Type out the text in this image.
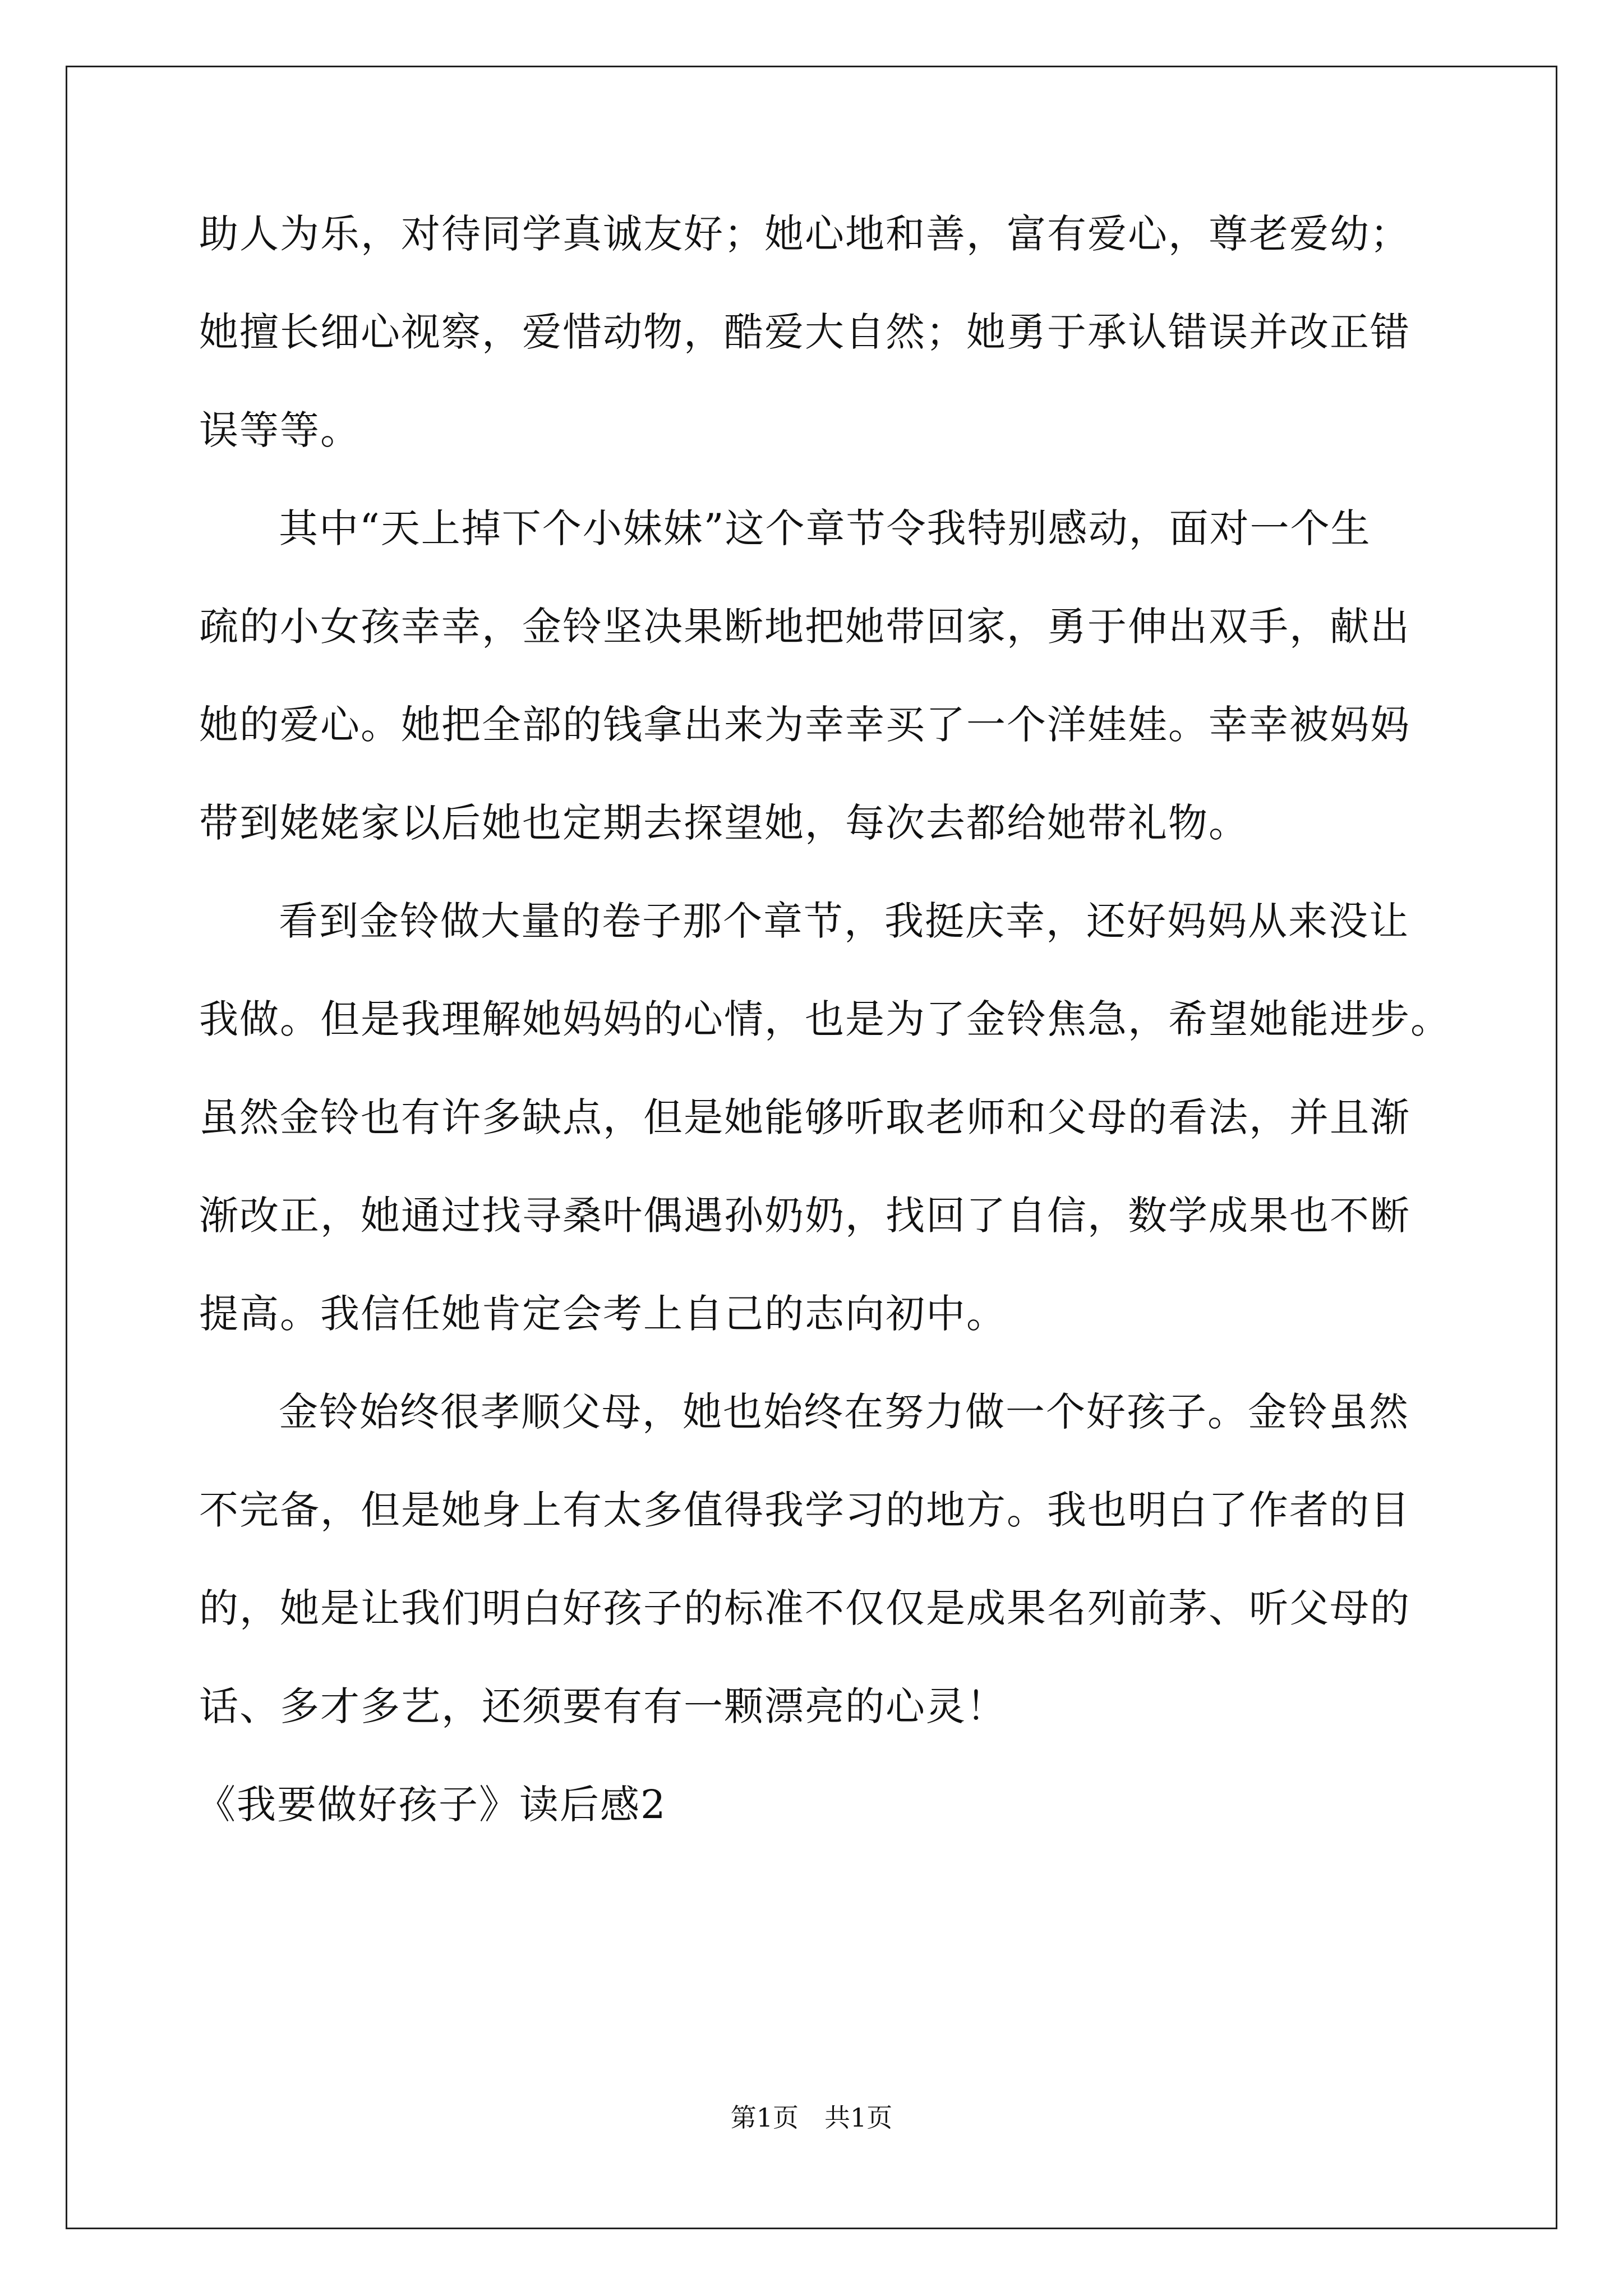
助人为乐，对待同学真诚友好；她心地和善，富有爱心，尊老爱幼；
她擅长细心视察，爱惜动物，酷爱大自然；她勇于承认错误并改正错
误等等。
其中“天上掉下个小妹妹”这个章节令我特别感动，面对一个生
疏的小女孩幸幸，金铃坚决果断地把她带回家，勇于伸出双手，献出
她的爱心。她把全部的钱拿出来为幸幸买了一个洋娃娃。幸幸被妈妈
带到姥姥家以后她也定期去探望她，每次去都给她带礼物。
看到金铃做大量的卷子那个章节，我挺庆幸，还好妈妈从来没让
我做。但是我理解她妈妈的心情，也是为了金铃焦急，希望她能进步。
虽然金铃也有许多缺点，但是她能够听取老师和父母的看法，并且渐
渐改正，她通过找寻桑叶偶遇孙奶奶，找回了自信，数学成果也不断
提高。我信任她肯定会考上自己的志向初中。
金铃始终很孝顺父母，她也始终在努力做一个好孩子。金铃虽然
不完备，但是她身上有太多值得我学习的地方。我也明白了作者的目
的，她是让我们明白好孩子的标准不仅仅是成果名列前茅、听父母的
话、多才多艺，还须要有有一颗漂亮的心灵！
《我要做好孩子》读后感2
第1页　共1页
